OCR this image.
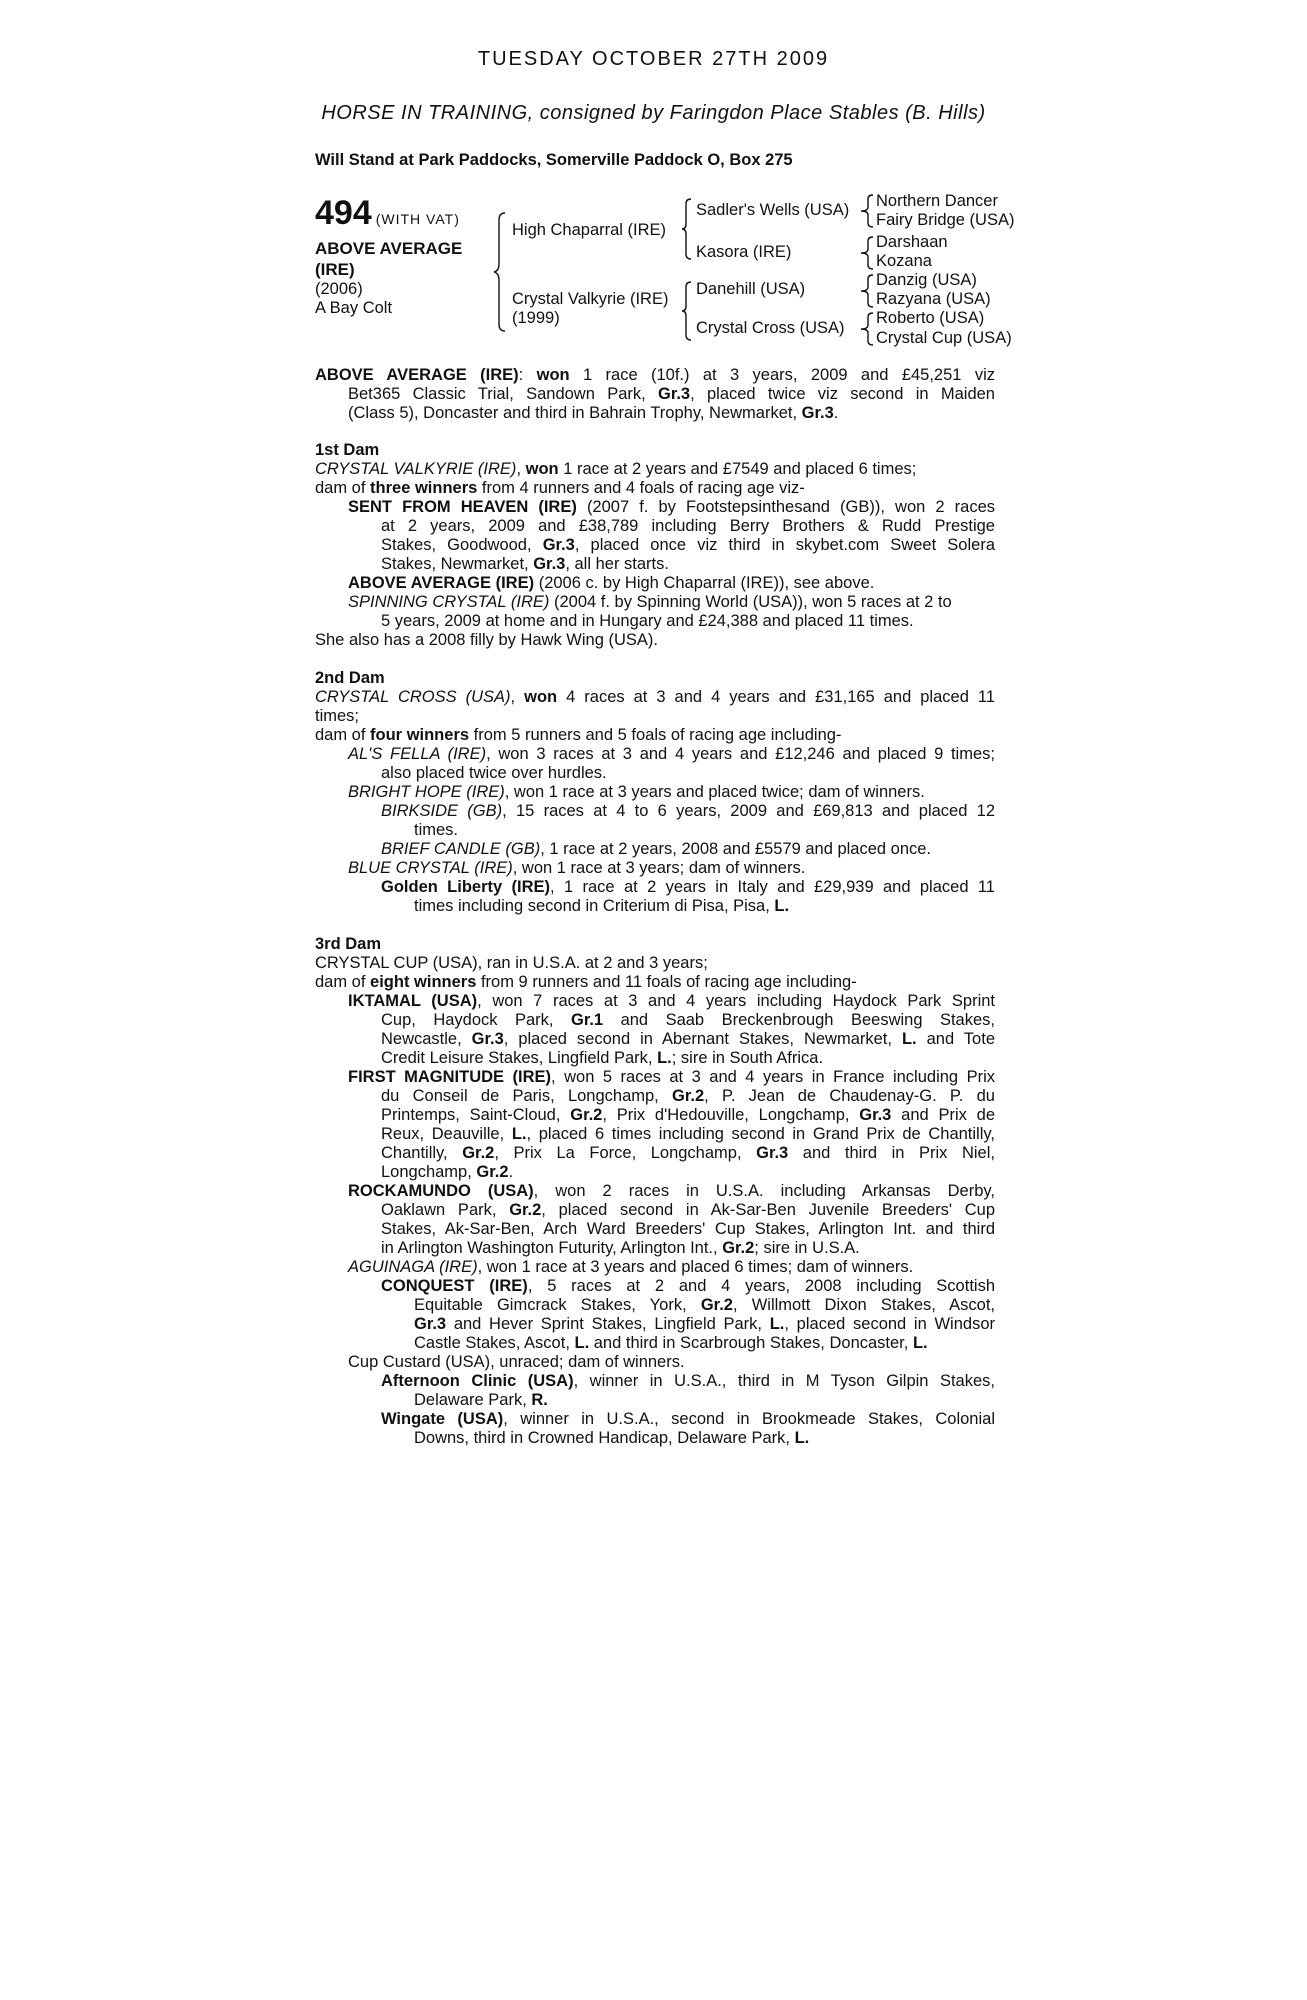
TUESDAY OCTOBER 27TH 2009
HORSE IN TRAINING, consigned by Faringdon Place Stables (B. Hills)
Will Stand at Park Paddocks, Somerville Paddock O, Box 275
494 (WITH VAT)
ABOVE AVERAGE
(IRE)
(2006)
A Bay Colt
High Chaparral (IRE)
Crystal Valkyrie (IRE)
(1999)
Sadler's Wells (USA)
Kasora (IRE)
Danehill (USA)
Crystal Cross (USA)
Northern Dancer
Fairy Bridge (USA)
Darshaan
Kozana
Danzig (USA)
Razyana (USA)
Roberto (USA)
Crystal Cup (USA)
ABOVE AVERAGE (IRE): won 1 race (10f.) at 3 years, 2009 and £45,251 viz
Bet365 Classic Trial, Sandown Park, Gr.3, placed twice viz second in Maiden
(Class 5), Doncaster and third in Bahrain Trophy, Newmarket, Gr.3.
1st Dam
CRYSTAL VALKYRIE (IRE), won 1 race at 2 years and £7549 and placed 6 times;
dam of three winners from 4 runners and 4 foals of racing age viz-
SENT FROM HEAVEN (IRE) (2007 f. by Footstepsinthesand (GB)), won 2 races
at 2 years, 2009 and £38,789 including Berry Brothers & Rudd Prestige
Stakes, Goodwood, Gr.3, placed once viz third in skybet.com Sweet Solera
Stakes, Newmarket, Gr.3, all her starts.
ABOVE AVERAGE (IRE) (2006 c. by High Chaparral (IRE)), see above.
SPINNING CRYSTAL (IRE) (2004 f. by Spinning World (USA)), won 5 races at 2 to
5 years, 2009 at home and in Hungary and £24,388 and placed 11 times.
She also has a 2008 filly by Hawk Wing (USA).
2nd Dam
CRYSTAL CROSS (USA), won 4 races at 3 and 4 years and £31,165 and placed 11
times;
dam of four winners from 5 runners and 5 foals of racing age including-
AL'S FELLA (IRE), won 3 races at 3 and 4 years and £12,246 and placed 9 times;
also placed twice over hurdles.
BRIGHT HOPE (IRE), won 1 race at 3 years and placed twice; dam of winners.
BIRKSIDE (GB), 15 races at 4 to 6 years, 2009 and £69,813 and placed 12
times.
BRIEF CANDLE (GB), 1 race at 2 years, 2008 and £5579 and placed once.
BLUE CRYSTAL (IRE), won 1 race at 3 years; dam of winners.
Golden Liberty (IRE), 1 race at 2 years in Italy and £29,939 and placed 11
times including second in Criterium di Pisa, Pisa, L.
3rd Dam
CRYSTAL CUP (USA), ran in U.S.A. at 2 and 3 years;
dam of eight winners from 9 runners and 11 foals of racing age including-
IKTAMAL (USA), won 7 races at 3 and 4 years including Haydock Park Sprint
Cup, Haydock Park, Gr.1 and Saab Breckenbrough Beeswing Stakes,
Newcastle, Gr.3, placed second in Abernant Stakes, Newmarket, L. and Tote
Credit Leisure Stakes, Lingfield Park, L.; sire in South Africa.
FIRST MAGNITUDE (IRE), won 5 races at 3 and 4 years in France including Prix
du Conseil de Paris, Longchamp, Gr.2, P. Jean de Chaudenay-G. P. du
Printemps, Saint-Cloud, Gr.2, Prix d'Hedouville, Longchamp, Gr.3 and Prix de
Reux, Deauville, L., placed 6 times including second in Grand Prix de Chantilly,
Chantilly, Gr.2, Prix La Force, Longchamp, Gr.3 and third in Prix Niel,
Longchamp, Gr.2.
ROCKAMUNDO (USA), won 2 races in U.S.A. including Arkansas Derby,
Oaklawn Park, Gr.2, placed second in Ak-Sar-Ben Juvenile Breeders' Cup
Stakes, Ak-Sar-Ben, Arch Ward Breeders' Cup Stakes, Arlington Int. and third
in Arlington Washington Futurity, Arlington Int., Gr.2; sire in U.S.A.
AGUINAGA (IRE), won 1 race at 3 years and placed 6 times; dam of winners.
CONQUEST (IRE), 5 races at 2 and 4 years, 2008 including Scottish
Equitable Gimcrack Stakes, York, Gr.2, Willmott Dixon Stakes, Ascot,
Gr.3 and Hever Sprint Stakes, Lingfield Park, L., placed second in Windsor
Castle Stakes, Ascot, L. and third in Scarbrough Stakes, Doncaster, L.
Cup Custard (USA), unraced; dam of winners.
Afternoon Clinic (USA), winner in U.S.A., third in M Tyson Gilpin Stakes,
Delaware Park, R.
Wingate (USA), winner in U.S.A., second in Brookmeade Stakes, Colonial
Downs, third in Crowned Handicap, Delaware Park, L.
